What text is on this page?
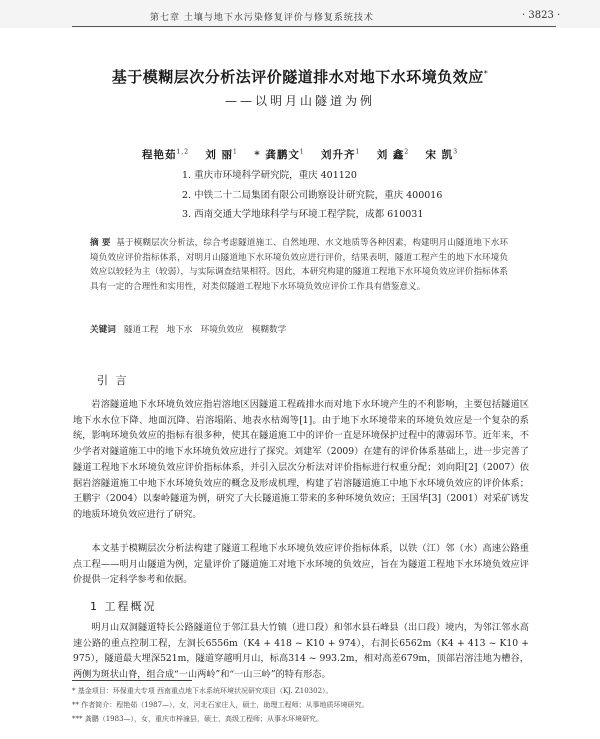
第七章 土壤与地下水污染修复评价与修复系统技术	· 3823 ·
基于模糊层次分析法评价隧道排水对地下水环境负效应*
——以明月山隧道为例
程艳茹$^{1,2}$ 刘 丽$^1$ * 龚鹏文$^1$ 刘升齐$^1$ 刘 鑫$^2$ 宋 凯$^3$
1. 重庆市环境科学研究院，重庆 401120
2. 中铁二十二局集团有限公司勘察设计研究院，重庆 400016
3. 西南交通大学地球科学与环境工程学院，成都 610031
摘 要 基于模糊层次分析法，综合考虑隧道施工、自然地理、水文地质等各种因素，构建明月山隧道地下水环境负效应评价指标体系，对明月山隧道地下水环境负效应进行评价，结果表明，隧道工程产生的地下水环境负效应以较轻为主（较弱），与实际调查结果相符。因此，本研究构建的隧道工程地下水环境负效应评价指标体系具有一定的合理性和实用性，对类似隧道工程地下水环境负效应评价工作具有借鉴意义。
关键词 隧道工程 地下水 环境负效应 模糊数学
引 言
岩溶隧道地下水环境负效应指岩溶地区因隧道工程疏排水而对地下水环境产生的不利影响，主要包括隧道区地下水水位下降、地面沉降、岩溶塌陷、地表水枯竭等[1]。由于地下水环境带来的环境负效应是一个复杂的系统，影响环境负效应的指标有很多种，使其在隧道施工中的评价一直是环境保护过程中的薄弱环节。近年来，不少学者对隧道施工中的地下水环境负效应进行了探究。刘建军（2009）在建有的评价体系基础上，进一步完善了隧道工程地下水环境负效应评价指标体系，并引入层次分析法对评价指标进行权重分配；刘向阳[2]（2007）依据岩溶隧道施工中地下水环境负效应的概念及形成机理，构建了岩溶隧道施工中地下水环境负效应的评价体系；王鹏宇（2004）以秦岭隧道为例，研究了大长隧道施工带来的多种环境负效应；王国华[3]（2001）对采矿诱发的地质环境负效应进行了研究。
本文基于模糊层次分析法构建了隧道工程地下水环境负效应评价指标体系，以铁（江）邻（水）高速公路重点工程——明月山隧道为例，定量评价了隧道施工对地下水环境的负效应，旨在为隧道工程地下水环境负效应评价提供一定科学参考和依据。
1 工程概况
明月山双洞隧道特长公路隧道位于邻江县大竹镇（进口段）和邻水县石峰县（出口段）境内，为邻江邻水高速公路的重点控制工程，左洞长6556m（K4 + 418 ~ K10 + 974），右洞长6562m（K4 + 413 ~ K10 + 975），隧道最大埋深521m，隧道穿越明月山，标高314 ~ 993.2m，相对高差679m，顶部岩溶洼地为槽谷，两侧为斑状山脊，组合成“一山两岭”和“一山三岭”的特有形态。
* 基金项目：环保重大专项 西南重点地下水系统环境状况研究项目（KJ. Z10302）。
** 作者简介：程艳茹（1987—），女，河北石家庄人，硕士，助理工程师；从事地质环境研究。
*** 龚鹏（1983—），女，重庆市梓潼县，硕士，高级工程师；从事水环境研究。
